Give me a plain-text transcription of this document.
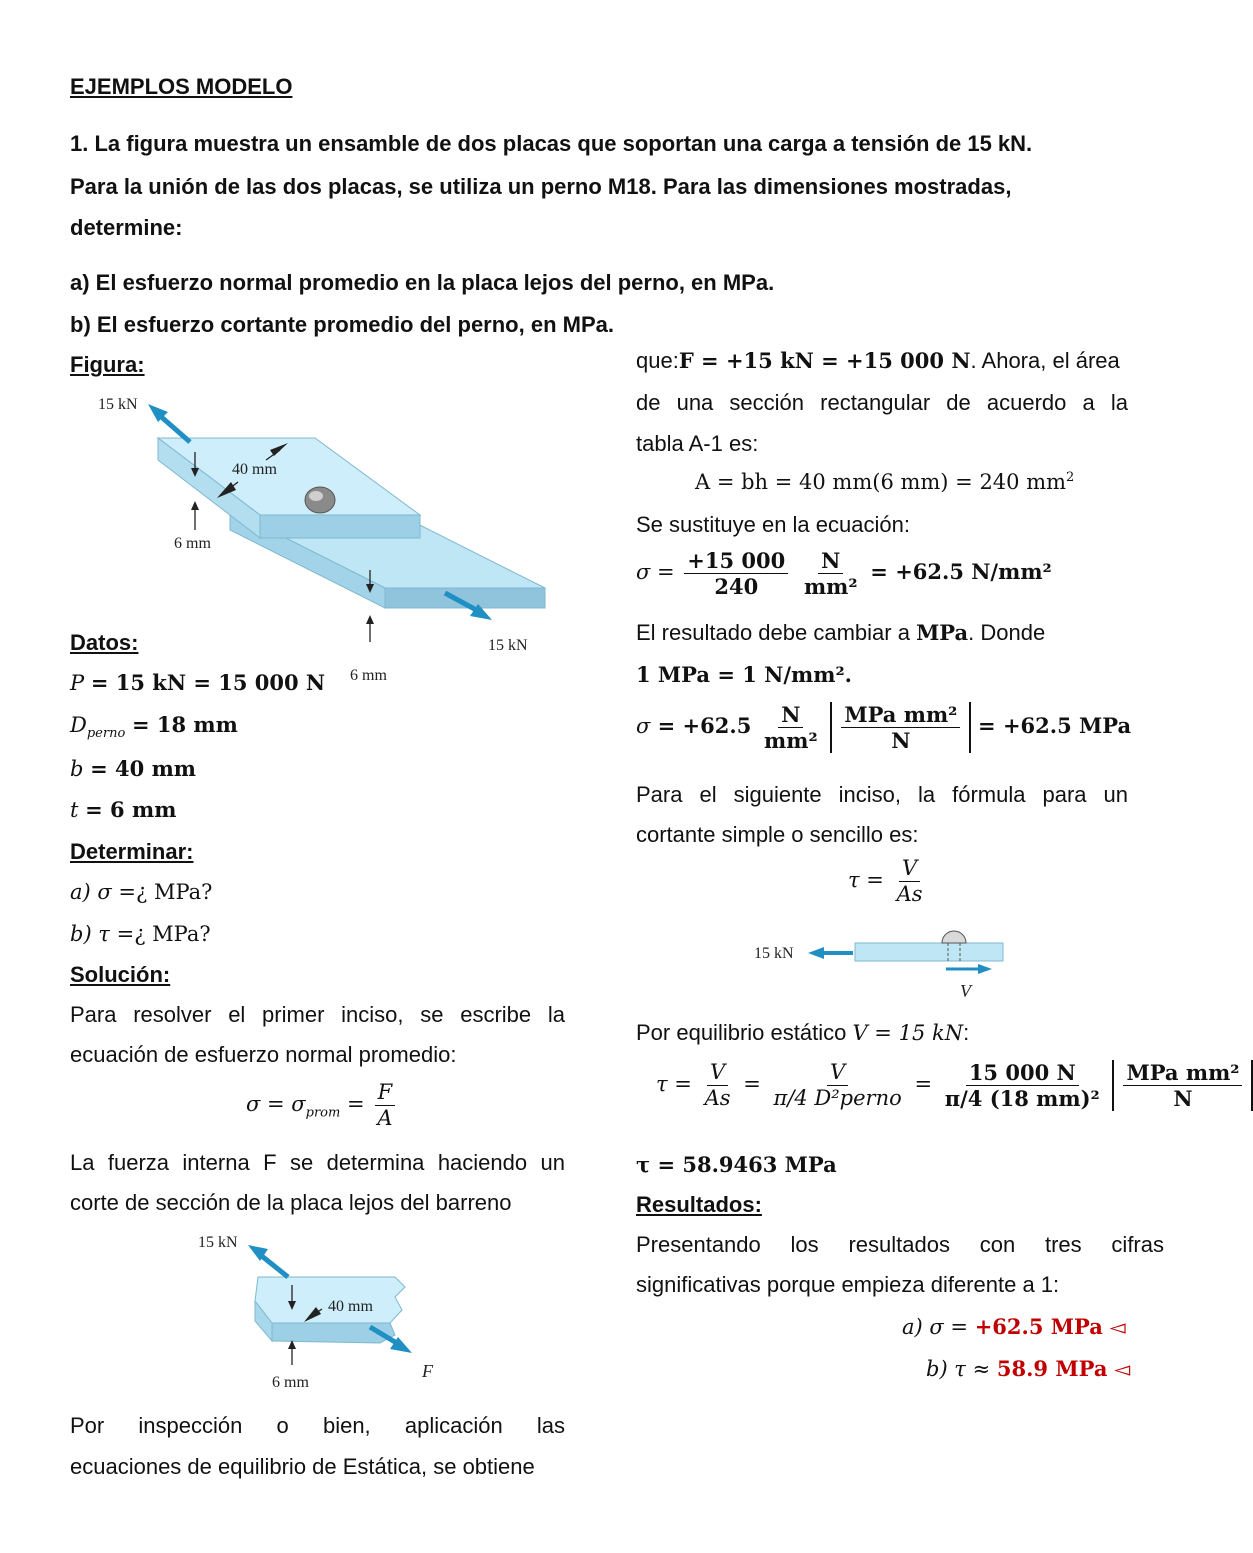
EJEMPLOS MODELO
1. La figura muestra un ensamble de dos placas que soportan una carga a tensión de 15 kN.
Para la unión de las dos placas, se utiliza un perno M18. Para las dimensiones mostradas,
determine:
a) El esfuerzo normal promedio en la placa lejos del perno, en MPa.
b) El esfuerzo cortante promedio del perno, en MPa.
Figura:
15 kN
40 mm
6 mm
15 kN
6 mm
Datos:
P = 15 kN = 15 000 N
$D_{perno} = 18$ mm
b = 40 mm
t = 6 mm
Determinar:
a) σ =¿ MPa?
b) τ =¿ MPa?
Solución:
Para resolver el primer inciso, se escribe la
ecuación de esfuerzo normal promedio:
$\sigma = \sigma_{prom} = \frac{F}{A}$
La fuerza interna F se determina haciendo un
corte de sección de la placa lejos del barreno
15 kN
40 mm
6 mm
F
Por inspección o bien, aplicación las
ecuaciones de equilibrio de Estática, se obtiene
que:F = +15 kN = +15 000 N. Ahora, el área
de una sección rectangular de acuerdo a la
tabla A-1 es:
A = bh = 40 mm(6 mm) = 240 $mm^2$
Se sustituye en la ecuación:
$\sigma = \frac{+15 000}{240}$
$\frac{N}{\text{mm²}} = +62.5$ N/mm²
El resultado debe cambiar a MPa. Donde
1 MPa = 1 N/mm².
$\sigma = +62.5 \frac{N}{\text{mm²}}$
$\frac{\text{MPa mm²}}{N} = +62.5$ MPa
Para el siguiente inciso, la fórmula para un
cortante simple o sencillo es:
$\tau = \frac{V}{As}$
15 kN
V
Por equilibrio estático V = 15 kN:
$\tau = \frac{V}{As} = \frac{V}{\text{π/4 D²perno}} = \frac{15 000 N}{\text{π/4 (18 mm)²}}$
$\frac{\text{MPa mm²}}{N}$
τ = 58.9463 MPa
Resultados:
Presentando los resultados con tres cifras
significativas porque empieza diferente a 1:
a) σ = +62.5 MPa ◅
b) τ ≈ 58.9 MPa ◅
